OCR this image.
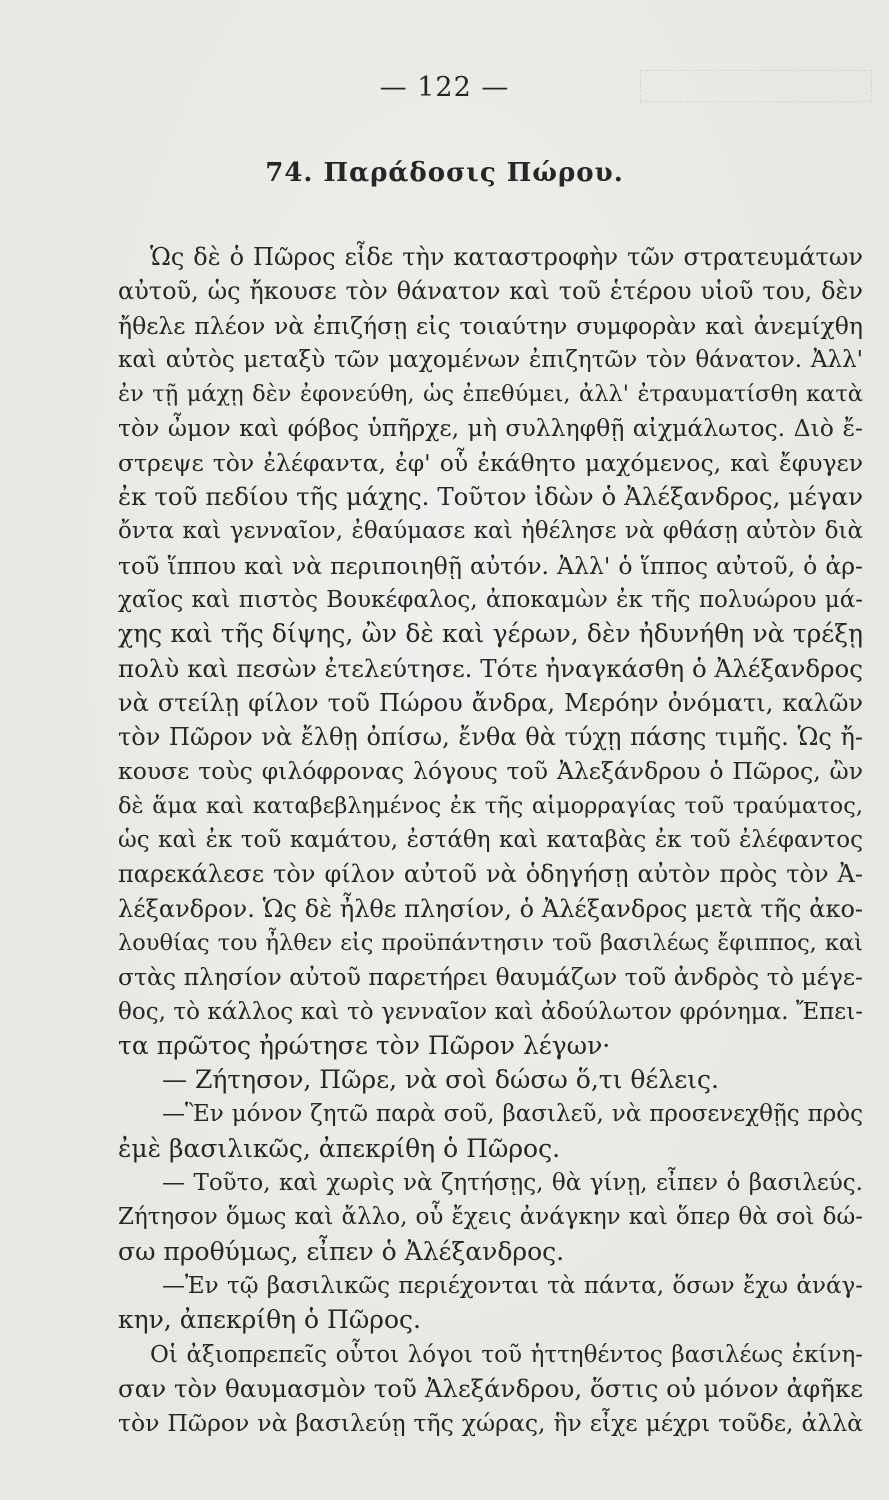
— 122 —
74. Παράδοσις Πώρου.
Ὡς δὲ ὁ Πῶρος εἶδε τὴν καταστροφὴν τῶν στρατευμάτων
αὐτοῦ, ὡς ἤκουσε τὸν θάνατον καὶ τοῦ ἑτέρου υἱοῦ του, δὲν
ἤθελε πλέον νὰ ἐπιζήσῃ εἰς τοιαύτην συμφορὰν καὶ ἀνεμίχθη
καὶ αὐτὸς μεταξὺ τῶν μαχομένων ἐπιζητῶν τὸν θάνατον. Ἀλλ'
ἐν τῇ μάχῃ δὲν ἐφονεύθη, ὡς ἐπεθύμει, ἀλλ' ἐτραυματίσθη κατὰ
τὸν ὦμον καὶ φόβος ὑπῆρχε, μὴ συλληφθῇ αἰχμάλωτος. Διὸ ἔ-
στρεψε τὸν ἐλέφαντα, ἐφ' οὗ ἐκάθητο μαχόμενος, καὶ ἔφυγεν
ἐκ τοῦ πεδίου τῆς μάχης. Τοῦτον ἰδὼν ὁ Ἀλέξανδρος, μέγαν
ὄντα καὶ γενναῖον, ἐθαύμασε καὶ ἠθέλησε νὰ φθάσῃ αὐτὸν διὰ
τοῦ ἵππου καὶ νὰ περιποιηθῇ αὐτόν. Ἀλλ' ὁ ἵππος αὐτοῦ, ὁ ἀρ-
χαῖος καὶ πιστὸς Βουκέφαλος, ἀποκαμὼν ἐκ τῆς πολυώρου μά-
χης καὶ τῆς δίψης, ὢν δὲ καὶ γέρων, δὲν ἠδυνήθη νὰ τρέξῃ
πολὺ καὶ πεσὼν ἐτελεύτησε. Τότε ἠναγκάσθη ὁ Ἀλέξανδρος
νὰ στείλῃ φίλον τοῦ Πώρου ἄνδρα, Μερόην ὀνόματι, καλῶν
τὸν Πῶρον νὰ ἔλθῃ ὀπίσω, ἔνθα θὰ τύχῃ πάσης τιμῆς. Ὡς ἤ-
κουσε τοὺς φιλόφρονας λόγους τοῦ Ἀλεξάνδρου ὁ Πῶρος, ὢν
δὲ ἅμα καὶ καταβεβλημένος ἐκ τῆς αἱμορραγίας τοῦ τραύματος,
ὡς καὶ ἐκ τοῦ καμάτου, ἐστάθη καὶ καταβὰς ἐκ τοῦ ἐλέφαντος
παρεκάλεσε τὸν φίλον αὐτοῦ νὰ ὁδηγήσῃ αὐτὸν πρὸς τὸν Ἀ-
λέξανδρον. Ὡς δὲ ἦλθε πλησίον, ὁ Ἀλέξανδρος μετὰ τῆς ἀκο-
λουθίας του ἦλθεν εἰς προϋπάντησιν τοῦ βασιλέως ἔφιππος, καὶ
στὰς πλησίον αὐτοῦ παρετήρει θαυμάζων τοῦ ἀνδρὸς τὸ μέγε-
θος, τὸ κάλλος καὶ τὸ γενναῖον καὶ ἀδούλωτον φρόνημα. Ἔπει-
τα πρῶτος ἠρώτησε τὸν Πῶρον λέγων·
— Ζήτησον, Πῶρε, νὰ σοὶ δώσω ὅ,τι θέλεις.
—Ἓν μόνον ζητῶ παρὰ σοῦ, βασιλεῦ, νὰ προσενεχθῇς πρὸς
ἐμὲ βασιλικῶς, ἀπεκρίθη ὁ Πῶρος.
— Τοῦτο, καὶ χωρὶς νὰ ζητήσῃς, θὰ γίνῃ, εἶπεν ὁ βασιλεύς.
Ζήτησον ὅμως καὶ ἄλλο, οὗ ἔχεις ἀνάγκην καὶ ὅπερ θὰ σοὶ δώ-
σω προθύμως, εἶπεν ὁ Ἀλέξανδρος.
—Ἐν τῷ βασιλικῶς περιέχονται τὰ πάντα, ὅσων ἔχω ἀνάγ-
κην, ἀπεκρίθη ὁ Πῶρος.
Οἱ ἀξιοπρεπεῖς οὗτοι λόγοι τοῦ ἡττηθέντος βασιλέως ἐκίνη-
σαν τὸν θαυμασμὸν τοῦ Ἀλεξάνδρου, ὅστις οὐ μόνον ἀφῆκε
τὸν Πῶρον νὰ βασιλεύῃ τῆς χώρας, ἣν εἶχε μέχρι τοῦδε, ἀλλὰ
